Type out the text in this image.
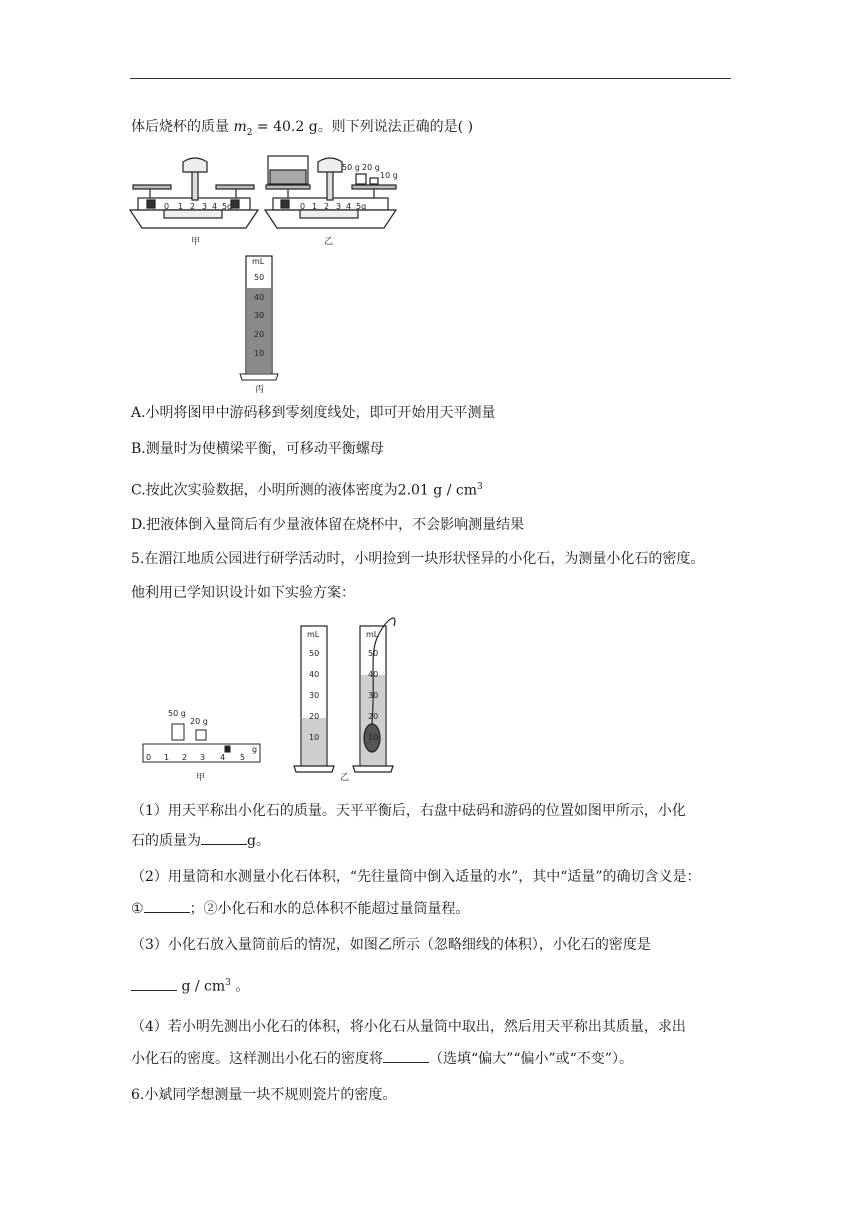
体后烧杯的质量 $m_2 = 40.2$ g。则下列说法正确的是( )
0 1 2 3 4 5g
甲
50 g 20 g
10 g
0 1 2 3 4 5g
乙
mL
50
40
30
20
10
丙
A.小明将图甲中游码移到零刻度线处，即可开始用天平测量
B.测量时为使横梁平衡，可移动平衡螺母
C.按此次实验数据，小明所测的液体密度为2.01 g / $cm^3$
D.把液体倒入量筒后有少量液体留在烧杯中，不会影响测量结果
5.在湄江地质公园进行研学活动时，小明捡到一块形状怪异的小化石，为测量小化石的密度。
他利用已学知识设计如下实验方案：
50 g
20 g
0 1 2 3 4 5
g
甲
mL
50
40
30
20
10
mL
50
40
30
20
10
乙
（1）用天平称出小化石的质量。天平平衡后，右盘中砝码和游码的位置如图甲所示，小化
石的质量为	g。
（2）用量筒和水测量小化石体积，“先往量筒中倒入适量的水”，其中“适量”的确切含义是：
①	；②小化石和水的总体积不能超过量筒量程。
（3）小化石放入量筒前后的情况，如图乙所示（忽略细线的体积），小化石的密度是
g / $cm^3$ 。
（4）若小明先测出小化石的体积，将小化石从量筒中取出，然后用天平称出其质量，求出
小化石的密度。这样测出小化石的密度将	（选填“偏大”“偏小”或“不变”）。
6.小斌同学想测量一块不规则瓷片的密度。
